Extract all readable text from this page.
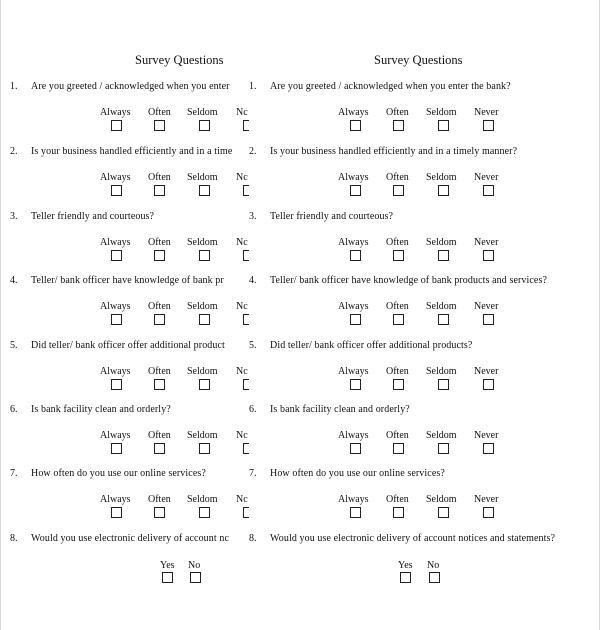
Survey Questions
1. Are you greeted / acknowledged when you enter
Always Often Seldom Nc
2. Is your business handled efficiently and in a time
Always Often Seldom Nc
3. Teller friendly and courteous?
Always Often Seldom Nc
4. Teller/ bank officer have knowledge of bank pr
Always Often Seldom Nc
5. Did teller/ bank officer offer additional product
Always Often Seldom Nc
6. Is bank facility clean and orderly?
Always Often Seldom Nc
7. How often do you use our online services?
Always Often Seldom Nc
8. Would you use electronic delivery of account nc
Yes No
Survey Questions
1. Are you greeted / acknowledged when you enter the bank?
Always Often Seldom Never
2. Is your business handled efficiently and in a timely manner?
Always Often Seldom Never
3. Teller friendly and courteous?
Always Often Seldom Never
4. Teller/ bank officer have knowledge of bank products and services?
Always Often Seldom Never
5. Did teller/ bank officer offer additional products?
Always Often Seldom Never
6. Is bank facility clean and orderly?
Always Often Seldom Never
7. How often do you use our online services?
Always Often Seldom Never
8. Would you use electronic delivery of account notices and statements?
Yes No
